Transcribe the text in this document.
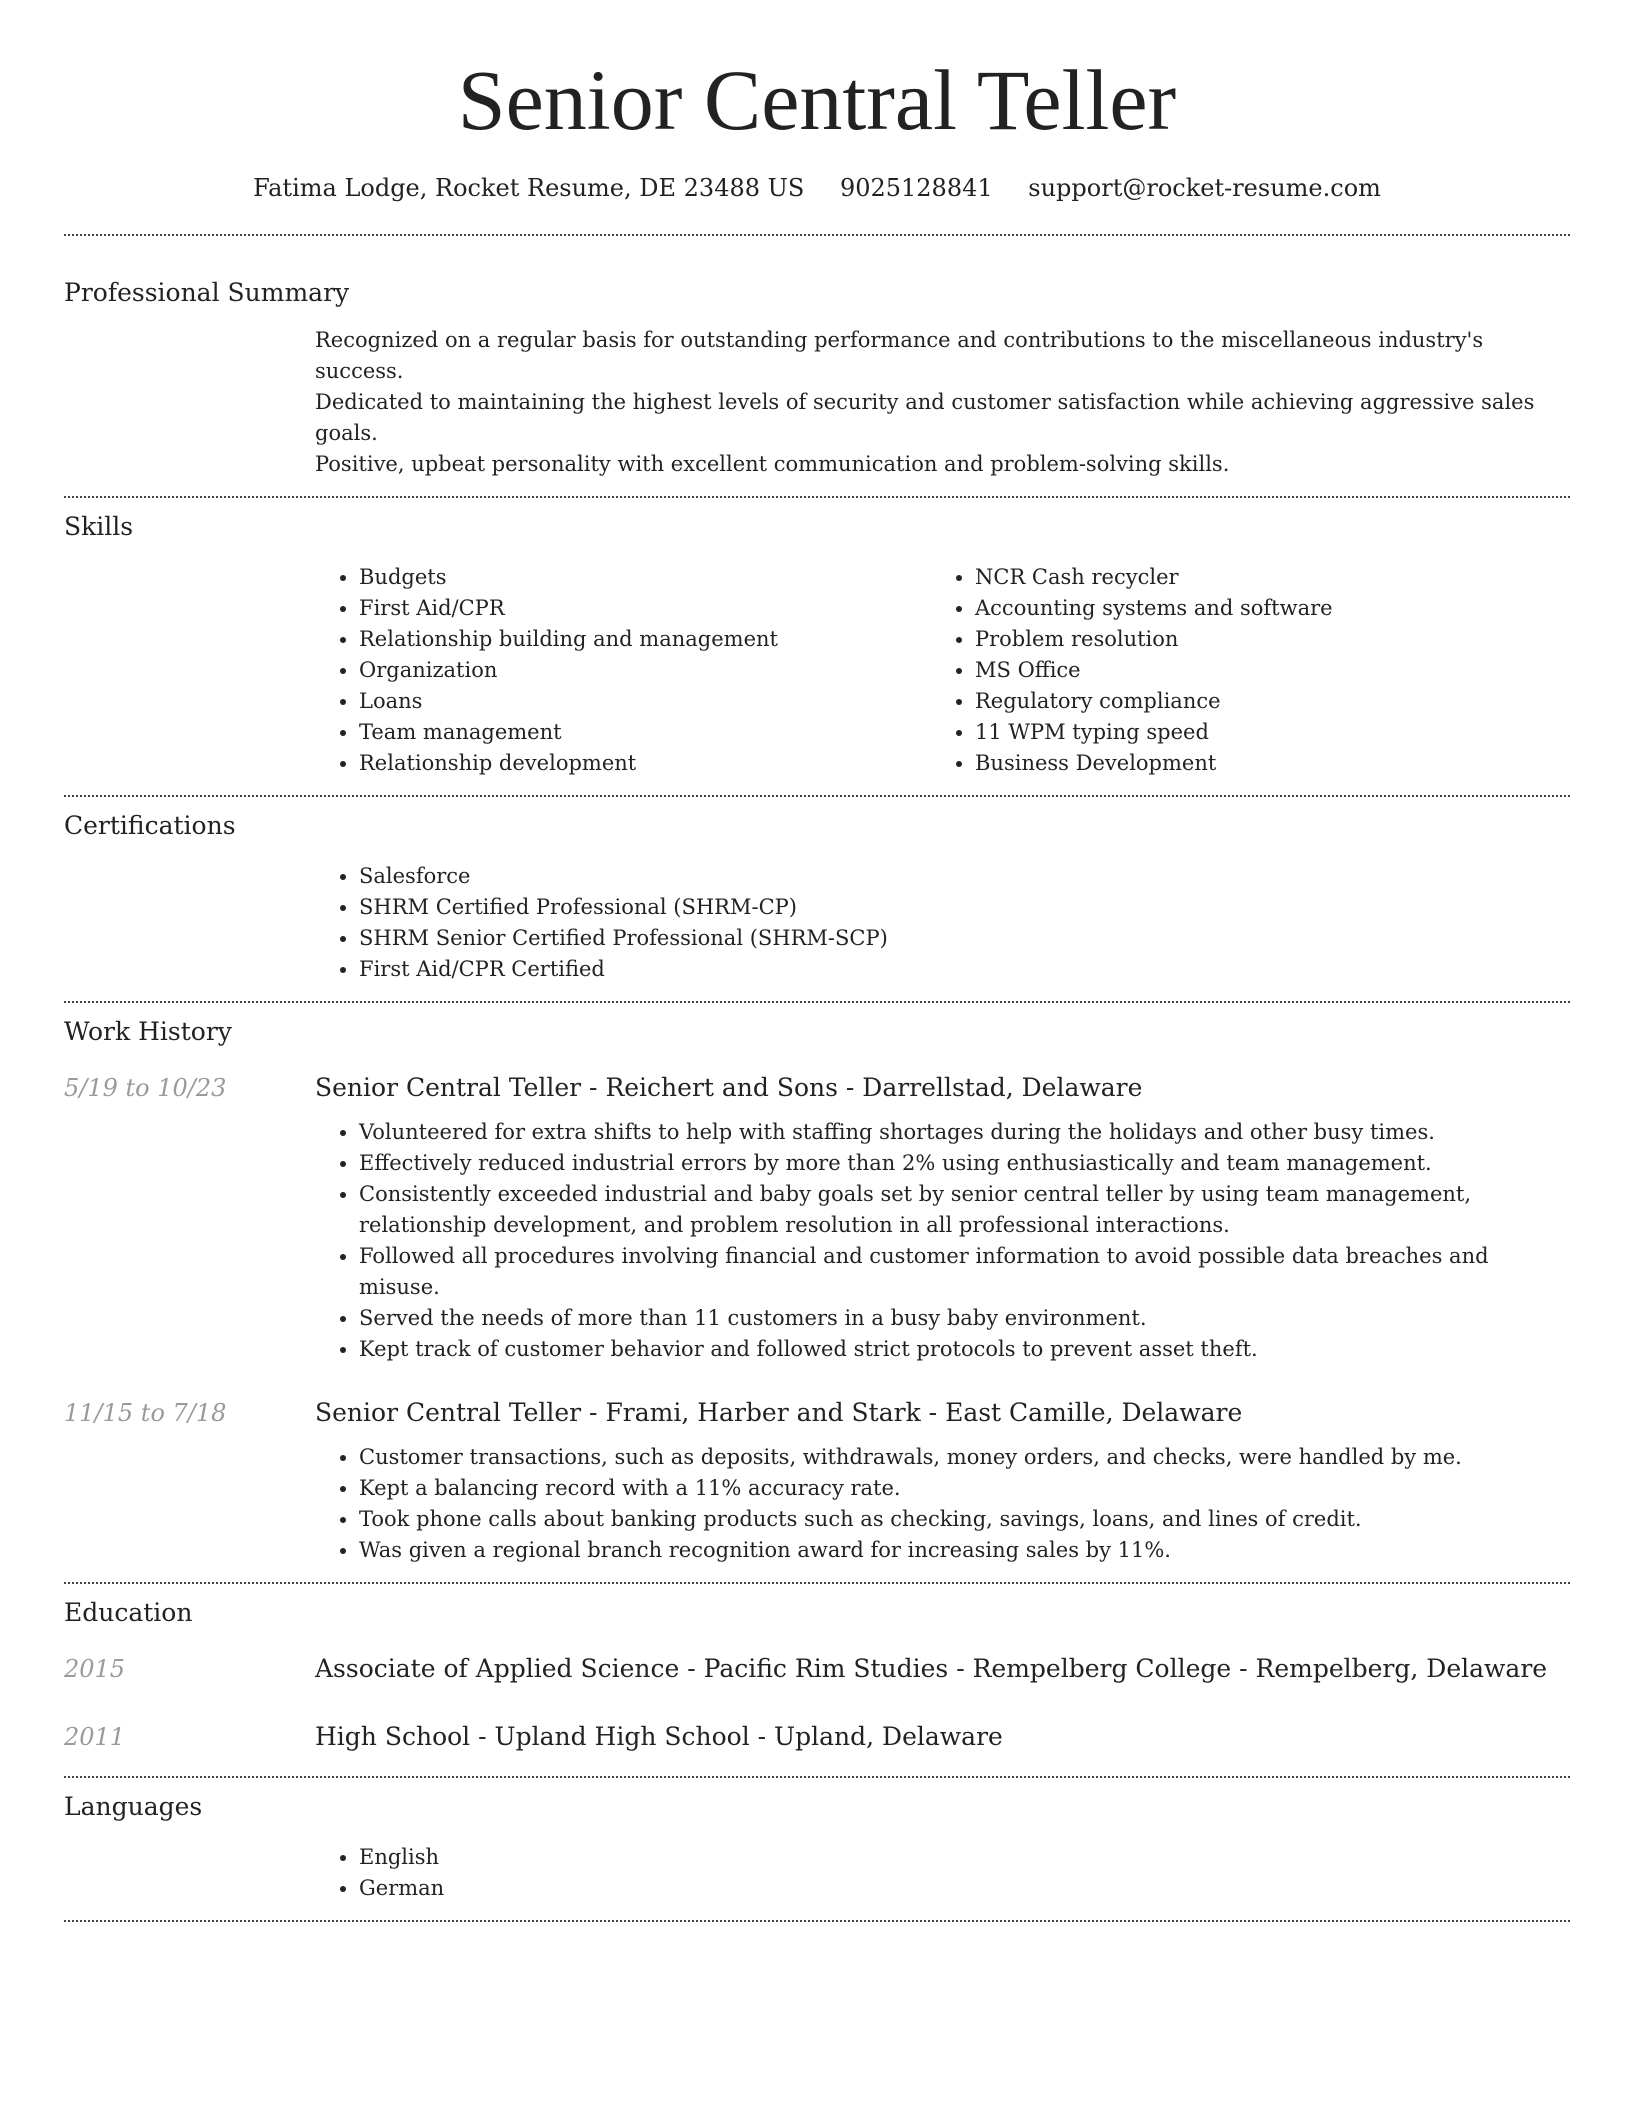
Senior Central Teller
Fatima Lodge, Rocket Resume, DE 23488 US 9025128841 support@rocket-resume.com
Professional Summary
Recognized on a regular basis for outstanding performance and contributions to the miscellaneous industry's success.
Dedicated to maintaining the highest levels of security and customer satisfaction while achieving aggressive sales goals.
Positive, upbeat personality with excellent communication and problem-solving skills.
Skills
• Budgets
• First Aid/CPR
• Relationship building and management
• Organization
• Loans
• Team management
• Relationship development
• NCR Cash recycler
• Accounting systems and software
• Problem resolution
• MS Office
• Regulatory compliance
• 11 WPM typing speed
• Business Development
Certifications
• Salesforce
• SHRM Certified Professional (SHRM-CP)
• SHRM Senior Certified Professional (SHRM-SCP)
• First Aid/CPR Certified
Work History
5/19 to 10/23	Senior Central Teller - Reichert and Sons - Darrellstad, Delaware
• Volunteered for extra shifts to help with staffing shortages during the holidays and other busy times.
• Effectively reduced industrial errors by more than 2% using enthusiastically and team management.
• Consistently exceeded industrial and baby goals set by senior central teller by using team management, relationship development, and problem resolution in all professional interactions.
• Followed all procedures involving financial and customer information to avoid possible data breaches and misuse.
• Served the needs of more than 11 customers in a busy baby environment.
• Kept track of customer behavior and followed strict protocols to prevent asset theft.
11/15 to 7/18	Senior Central Teller - Frami, Harber and Stark - East Camille, Delaware
• Customer transactions, such as deposits, withdrawals, money orders, and checks, were handled by me.
• Kept a balancing record with a 11% accuracy rate.
• Took phone calls about banking products such as checking, savings, loans, and lines of credit.
• Was given a regional branch recognition award for increasing sales by 11%.
Education
2015	Associate of Applied Science - Pacific Rim Studies - Rempelberg College - Rempelberg, Delaware
2011	High School - Upland High School - Upland, Delaware
Languages
• English
• German
